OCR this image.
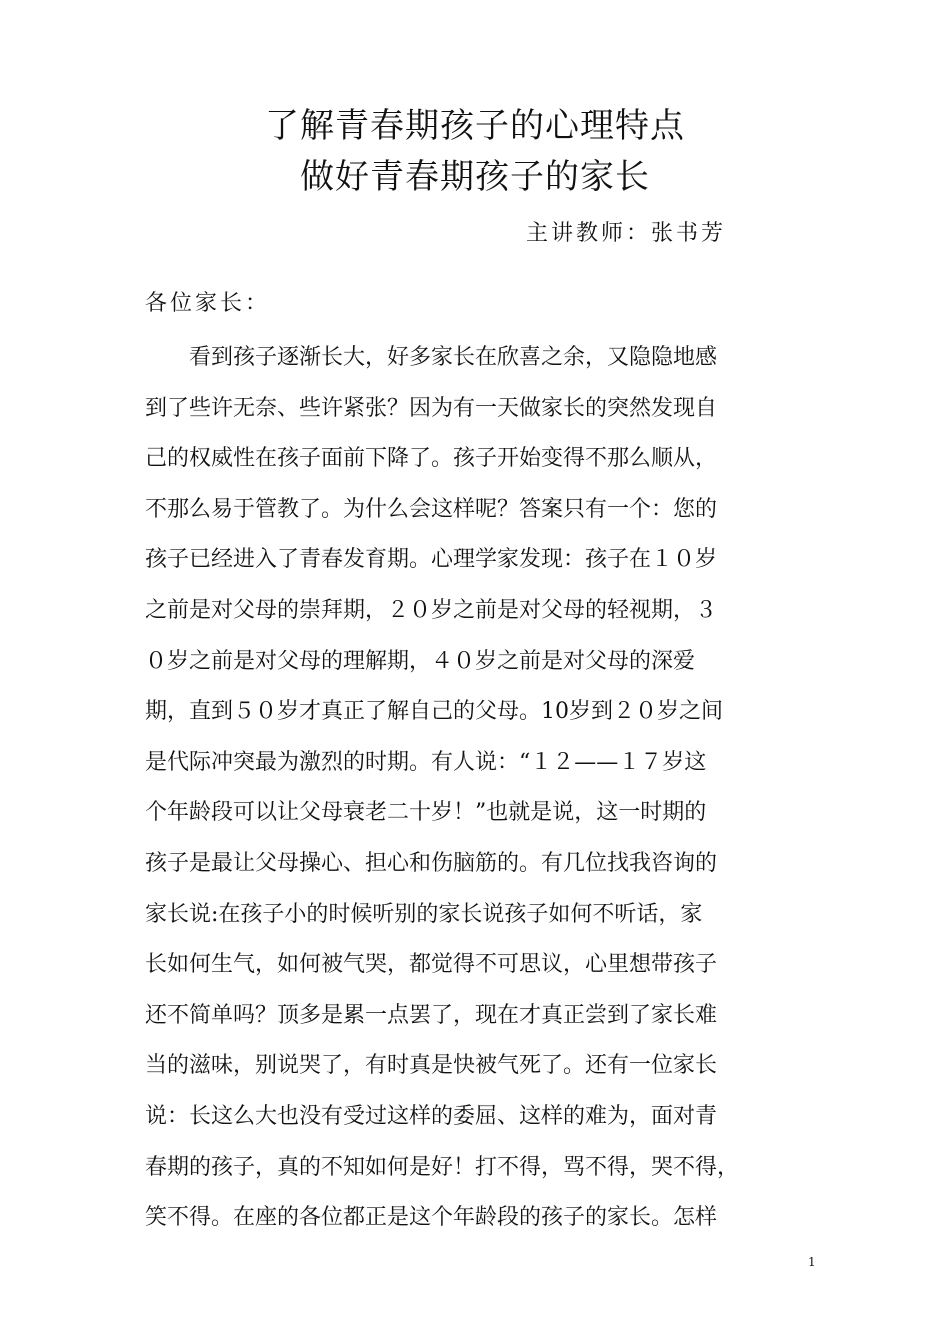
了解青春期孩子的心理特点
做好青春期孩子的家长
主讲教师：张书芳
各位家长：
　　看到孩子逐渐长大，好多家长在欣喜之余，又隐隐地感
到了些许无奈、些许紧张？因为有一天做家长的突然发现自
己的权威性在孩子面前下降了。孩子开始变得不那么顺从，
不那么易于管教了。为什么会这样呢？答案只有一个：您的
孩子已经进入了青春发育期。心理学家发现：孩子在１０岁
之前是对父母的崇拜期，２０岁之前是对父母的轻视期，３
０岁之前是对父母的理解期，４０岁之前是对父母的深爱
期，直到５０岁才真正了解自己的父母。10岁到２０岁之间
是代际冲突最为激烈的时期。有人说：“１２——１７岁这
个年龄段可以让父母衰老二十岁！”也就是说，这一时期的
孩子是最让父母操心、担心和伤脑筋的。有几位找我咨询的
家长说:在孩子小的时候听别的家长说孩子如何不听话，家
长如何生气，如何被气哭，都觉得不可思议，心里想带孩子
还不简单吗？顶多是累一点罢了，现在才真正尝到了家长难
当的滋味，别说哭了，有时真是快被气死了。还有一位家长
说：长这么大也没有受过这样的委屈、这样的难为，面对青
春期的孩子，真的不知如何是好！打不得，骂不得，哭不得，
笑不得。在座的各位都正是这个年龄段的孩子的家长。怎样
1
